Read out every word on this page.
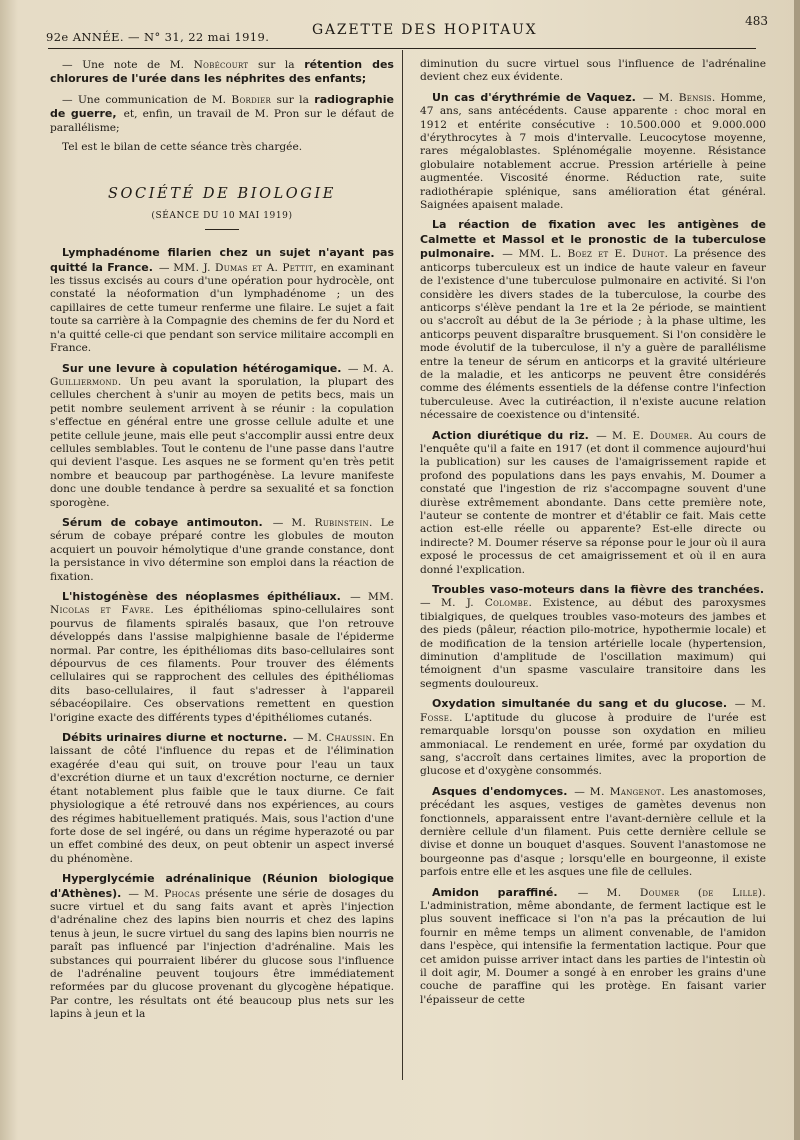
92e ANNÉE. — N° 31, 22 mai 1919.	GAZETTE DES HOPITAUX
483

— Une note de M. Nobécourt sur la rétention des chlorures de l'urée dans les néphrites des enfants;

— Une communication de M. Bordier sur la radiographie de guerre, et, enfin, un travail de M. Pron sur le défaut de parallélisme;

Tel est le bilan de cette séance très chargée.

SOCIÉTÉ DE BIOLOGIE
(SÉANCE DU 10 MAI 1919)

Lymphadénome filarien chez un sujet n'ayant pas quitté la France. — MM. J. Dumas et A. Pettit, en examinant les tissus excisés au cours d'une opération pour hydrocèle, ont constaté la néoformation d'un lymphadénome ; un des capillaires de cette tumeur renferme une filaire. Le sujet a fait toute sa carrière à la Compagnie des chemins de fer du Nord et n'a quitté celle-ci que pendant son service militaire accompli en France.

Sur une levure à copulation hétérogamique. — M. A. Guilliermond. Un peu avant la sporulation, la plupart des cellules cherchent à s'unir au moyen de petits becs, mais un petit nombre seulement arrivent à se réunir : la copulation s'effectue en général entre une grosse cellule adulte et une petite cellule jeune, mais elle peut s'accomplir aussi entre deux cellules semblables. Tout le contenu de l'une passe dans l'autre qui devient l'asque. Les asques ne se forment qu'en très petit nombre et beaucoup par parthogénèse. La levure manifeste donc une double tendance à perdre sa sexualité et sa fonction sporogène.

Sérum de cobaye antimouton. — M. Rubinstein. Le sérum de cobaye préparé contre les globules de mouton acquiert un pouvoir hémolytique d'une grande constance, dont la persistance in vivo détermine son emploi dans la réaction de fixation.

L'histogénèse des néoplasmes épithéliaux. — MM. Nicolas et Favre. Les épithéliomas spino-cellulaires sont pourvus de filaments spiralés basaux, que l'on retrouve développés dans l'assise malpighienne basale de l'épiderme normal. Par contre, les épithéliomas dits baso-cellulaires sont dépourvus de ces filaments. Pour trouver des éléments cellulaires qui se rapprochent des cellules des épithéliomas dits baso-cellulaires, il faut s'adresser à l'appareil sébacéopilaire. Ces observations remettent en question l'origine exacte des différents types d'épithéliomes cutanés.

Débits urinaires diurne et nocturne. — M. Chaussin. En laissant de côté l'influence du repas et de l'élimination exagérée d'eau qui suit, on trouve pour l'eau un taux d'excrétion diurne et un taux d'excrétion nocturne, ce dernier étant notablement plus faible que le taux diurne. Ce fait physiologique a été retrouvé dans nos expériences, au cours des régimes habituellement pratiqués. Mais, sous l'action d'une forte dose de sel ingéré, ou dans un régime hyperazoté ou par un effet combiné des deux, on peut obtenir un aspect inversé du phénomène.

Hyperglycémie adrénalinique (Réunion biologique d'Athènes). — M. Phocas présente une série de dosages du sucre virtuel et du sang faits avant et après l'injection d'adrénaline chez des lapins bien nourris et chez des lapins tenus à jeun, le sucre virtuel du sang des lapins bien nourris ne paraît pas influencé par l'injection d'adrénaline. Mais les substances qui pourraient libérer du glucose sous l'influence de l'adrénaline peuvent toujours être immédiatement reformées par du glucose provenant du glycogène hépatique. Par contre, les résultats ont été beaucoup plus nets sur les lapins à jeun et la

diminution du sucre virtuel sous l'influence de l'adrénaline devient chez eux évidente.

Un cas d'érythrémie de Vaquez. — M. Bensis. Homme, 47 ans, sans antécédents. Cause apparente : choc moral en 1912 et entérite consécutive : 10.500.000 et 9.000.000 d'érythrocytes à 7 mois d'intervalle. Leucocytose moyenne, rares mégaloblastes. Splénomégalie moyenne. Résistance globulaire notablement accrue. Pression artérielle à peine augmentée. Viscosité énorme. Réduction rate, suite radiothérapie splénique, sans amélioration état général. Saignées apaisent malade.

La réaction de fixation avec les antigènes de Calmette et Massol et le pronostic de la tuberculose pulmonaire. — MM. L. Boez et E. Duhot. La présence des anticorps tuberculeux est un indice de haute valeur en faveur de l'existence d'une tuberculose pulmonaire en activité. Si l'on considère les divers stades de la tuberculose, la courbe des anticorps s'élève pendant la 1re et la 2e période, se maintient ou s'accroît au début de la 3e période ; à la phase ultime, les anticorps peuvent disparaître brusquement. Si l'on considère le mode évolutif de la tuberculose, il n'y a guère de parallélisme entre la teneur de sérum en anticorps et la gravité ultérieure de la maladie, et les anticorps ne peuvent être considérés comme des éléments essentiels de la défense contre l'infection tuberculeuse. Avec la cutiréaction, il n'existe aucune relation nécessaire de coexistence ou d'intensité.

Action diurétique du riz. — M. E. Doumer. Au cours de l'enquête qu'il a faite en 1917 (et dont il commence aujourd'hui la publication) sur les causes de l'amaigrissement rapide et profond des populations dans les pays envahis, M. Doumer a constaté que l'ingestion de riz s'accompagne souvent d'une diurèse extrêmement abondante. Dans cette première note, l'auteur se contente de montrer et d'établir ce fait. Mais cette action est-elle réelle ou apparente? Est-elle directe ou indirecte? M. Doumer réserve sa réponse pour le jour où il aura exposé le processus de cet amaigrissement et où il en aura donné l'explication.

Troubles vaso-moteurs dans la fièvre des tranchées. — M. J. Colombe. Existence, au début des paroxysmes tibialgiques, de quelques troubles vaso-moteurs des jambes et des pieds (pâleur, réaction pilo-motrice, hypothermie locale) et de modification de la tension artérielle locale (hypertension, diminution d'amplitude de l'oscillation maximum) qui témoignent d'un spasme vasculaire transitoire dans les segments douloureux.

Oxydation simultanée du sang et du glucose. — M. Fosse. L'aptitude du glucose à produire de l'urée est remarquable lorsqu'on pousse son oxydation en milieu ammoniacal. Le rendement en urée, formé par oxydation du sang, s'accroît dans certaines limites, avec la proportion de glucose et d'oxygène consommés.

Asques d'endomyces. — M. Mangenot. Les anastomoses, précédant les asques, vestiges de gamètes devenus non fonctionnels, apparaissent entre l'avant-dernière cellule et la dernière cellule d'un filament. Puis cette dernière cellule se divise et donne un bouquet d'asques. Souvent l'anastomose ne bourgeonne pas d'asque ; lorsqu'elle en bourgeonne, il existe parfois entre elle et les asques une file de cellules.

Amidon paraffiné. — M. Doumer (de Lille). L'administration, même abondante, de ferment lactique est le plus souvent inefficace si l'on n'a pas la précaution de lui fournir en même temps un aliment convenable, de l'amidon dans l'espèce, qui intensifie la fermentation lactique. Pour que cet amidon puisse arriver intact dans les parties de l'intestin où il doit agir, M. Doumer a songé à en enrober les grains d'une couche de paraffine qui les protège. En faisant varier l'épaisseur de cette
